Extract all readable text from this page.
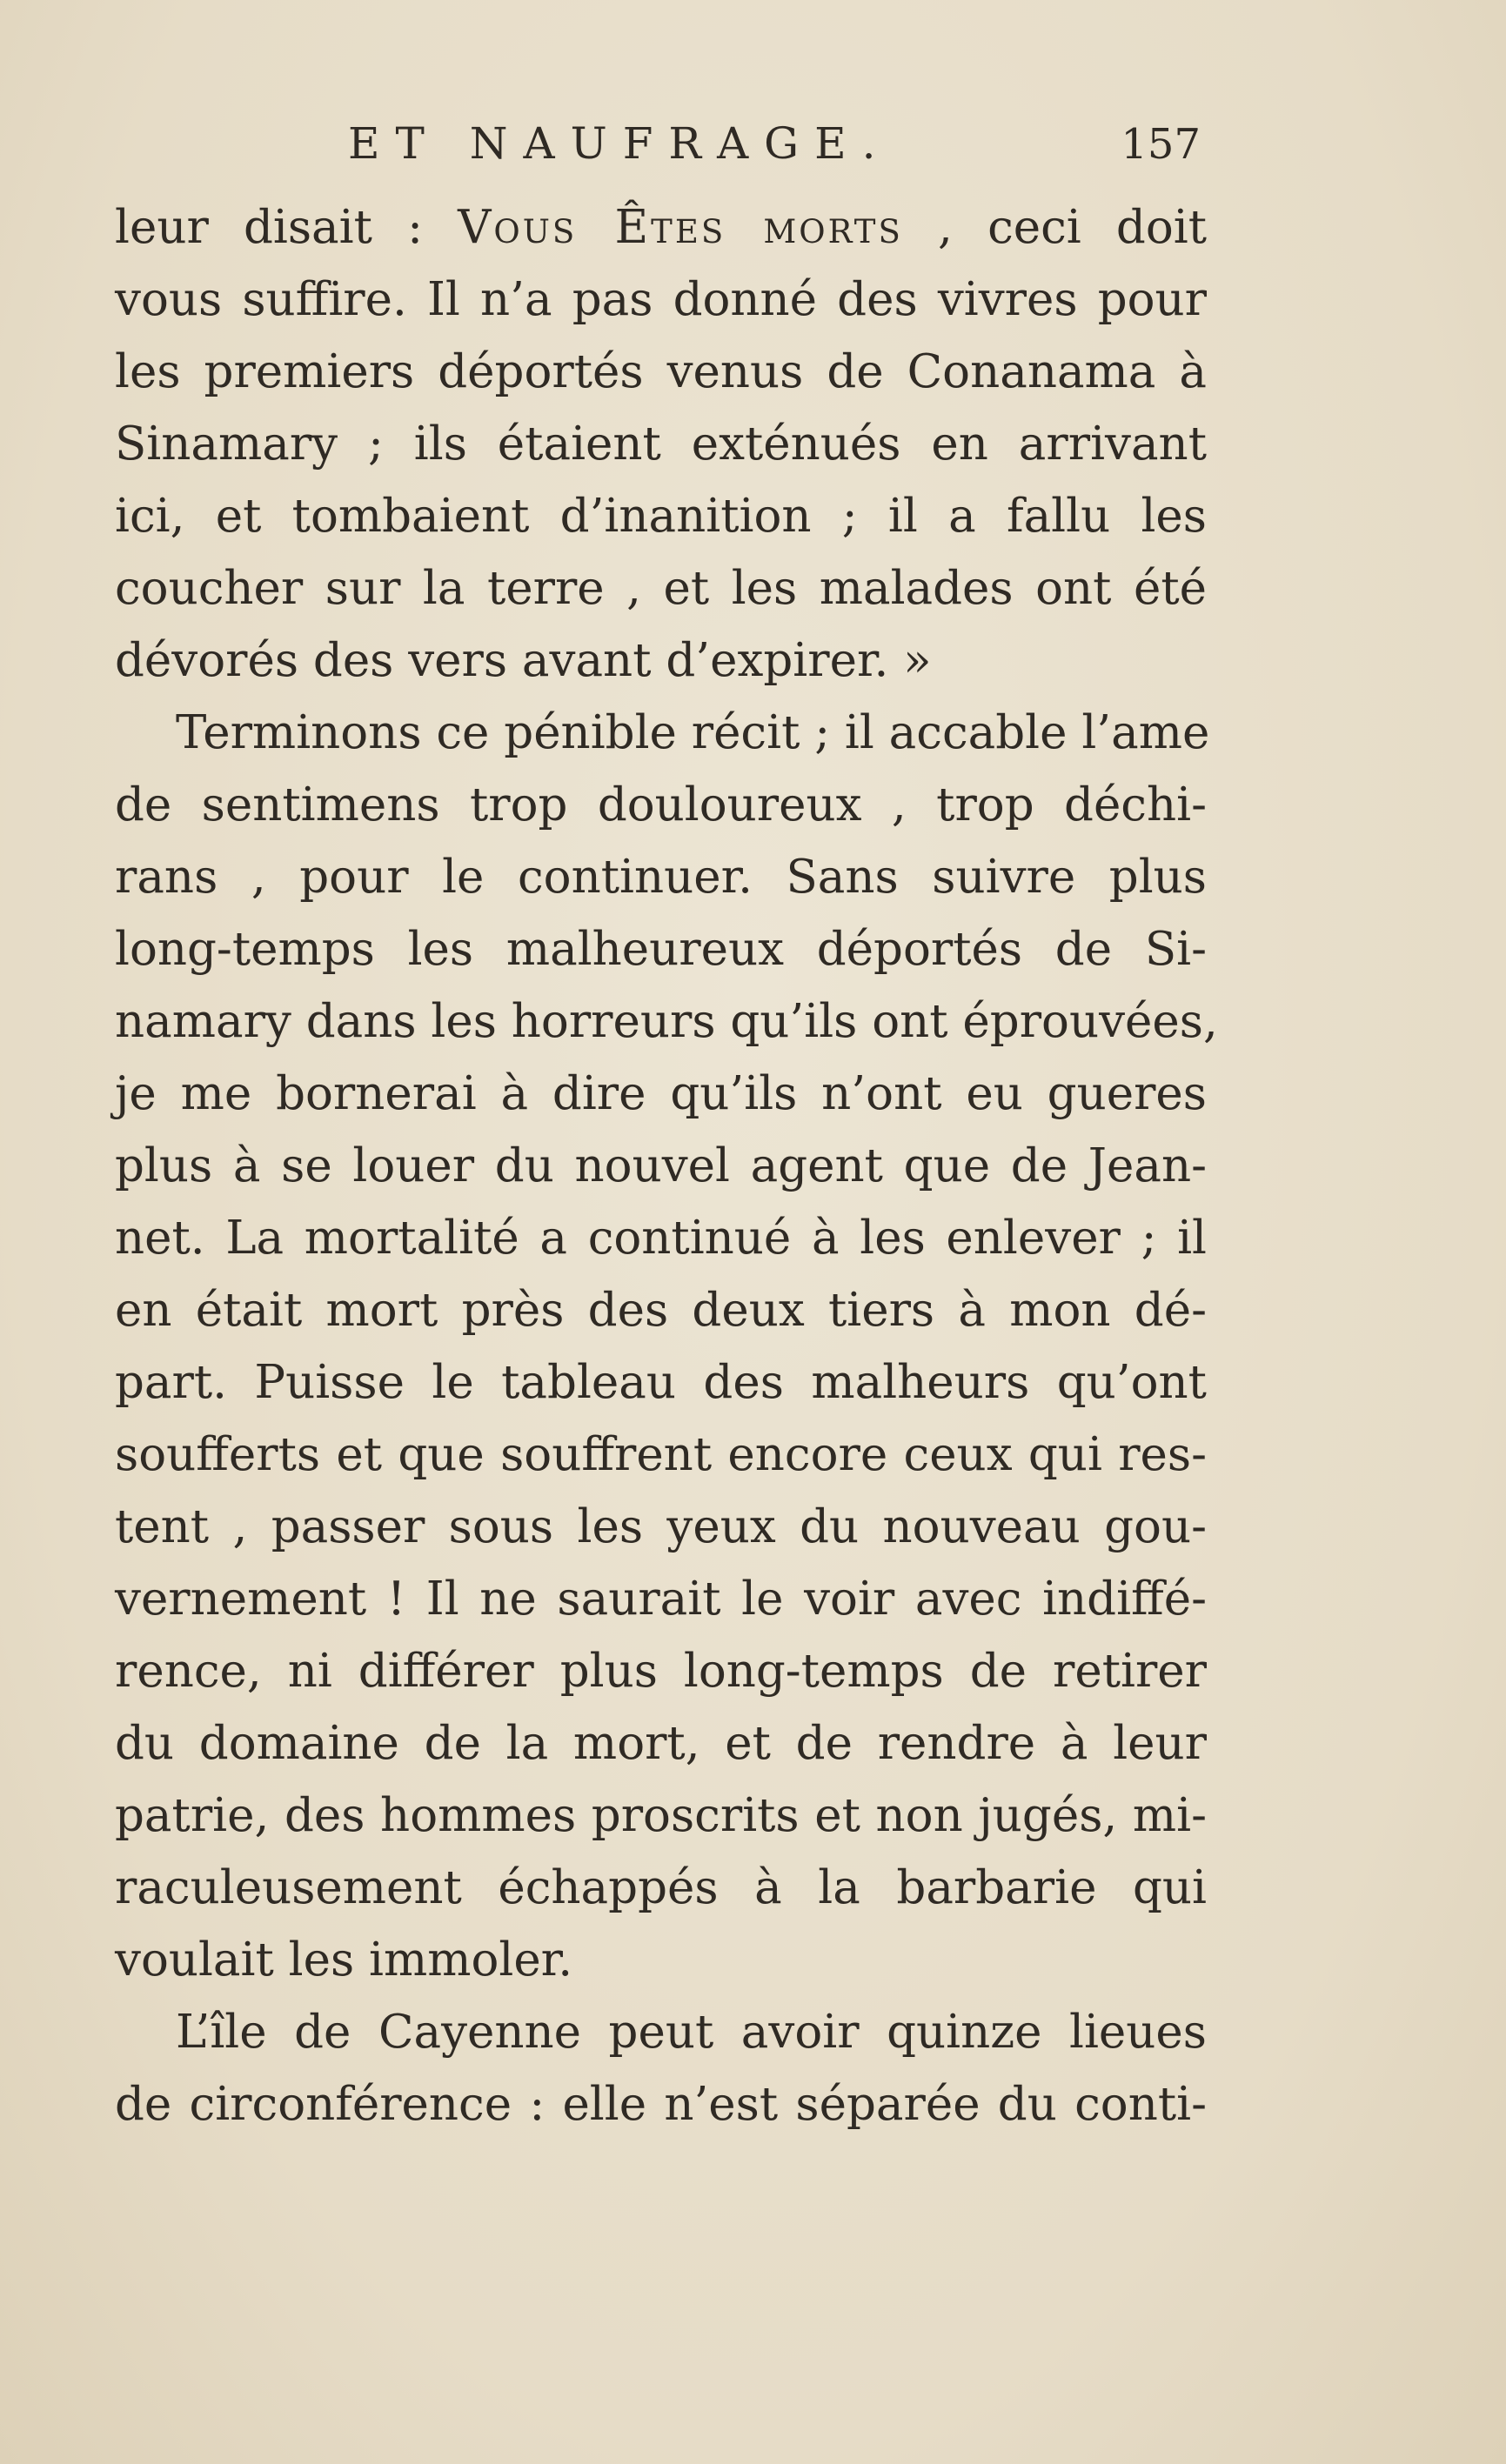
ET NAUFRAGE.	157
leur disait : Vous Êtes morts , ceci doit
vous suffire. Il n’a pas donné des vivres pour
les premiers déportés venus de Conanama à
Sinamary ; ils étaient exténués en arrivant
ici, et tombaient d’inanition ; il a fallu les
coucher sur la terre , et les malades ont été
dévorés des vers avant d’expirer. »
Terminons ce pénible récit ; il accable l’ame
de sentimens trop douloureux , trop déchi-
rans , pour le continuer. Sans suivre plus
long-temps les malheureux déportés de Si-
namary dans les horreurs qu’ils ont éprouvées,
je me bornerai à dire qu’ils n’ont eu gueres
plus à se louer du nouvel agent que de Jean-
net. La mortalité a continué à les enlever ; il
en était mort près des deux tiers à mon dé-
part. Puisse le tableau des malheurs qu’ont
soufferts et que souffrent encore ceux qui res-
tent , passer sous les yeux du nouveau gou-
vernement ! Il ne saurait le voir avec indiffé-
rence, ni différer plus long-temps de retirer
du domaine de la mort, et de rendre à leur
patrie, des hommes proscrits et non jugés, mi-
raculeusement échappés à la barbarie qui
voulait les immoler.
L’île de Cayenne peut avoir quinze lieues
de circonférence : elle n’est séparée du conti-
